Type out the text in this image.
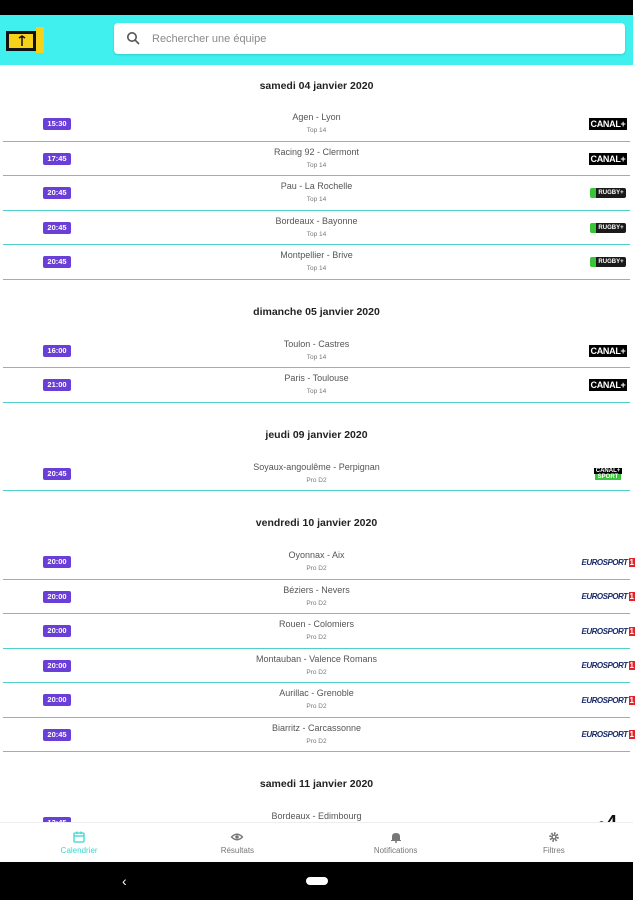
Rechercher une équipe
samedi 04 janvier 2020
15:30
Agen - Lyon
Top 14
CANAL+
17:45
Racing 92 - Clermont
Top 14
CANAL+
20:45
Pau - La Rochelle
Top 14
RUGBY+
20:45
Bordeaux - Bayonne
Top 14
RUGBY+
20:45
Montpellier - Brive
Top 14
RUGBY+
dimanche 05 janvier 2020
16:00
Toulon - Castres
Top 14
CANAL+
21:00
Paris - Toulouse
Top 14
CANAL+
jeudi 09 janvier 2020
20:45
Soyaux-angoulême - Perpignan
Pro D2
CANAL+
SPORT
vendredi 10 janvier 2020
20:00
Oyonnax - Aix
Pro D2
EUROSPORT 1
20:00
Béziers - Nevers
Pro D2
EUROSPORT 1
20:00
Rouen - Colomiers
Pro D2
EUROSPORT 1
20:00
Montauban - Valence Romans
Pro D2
EUROSPORT 1
20:00
Aurillac - Grenoble
Pro D2
EUROSPORT 1
20:45
Biarritz - Carcassonne
Pro D2
EUROSPORT 1
samedi 11 janvier 2020
Bordeaux - Edimbourg
Calendrier	Résultats	Notifications	Filtres
‹
